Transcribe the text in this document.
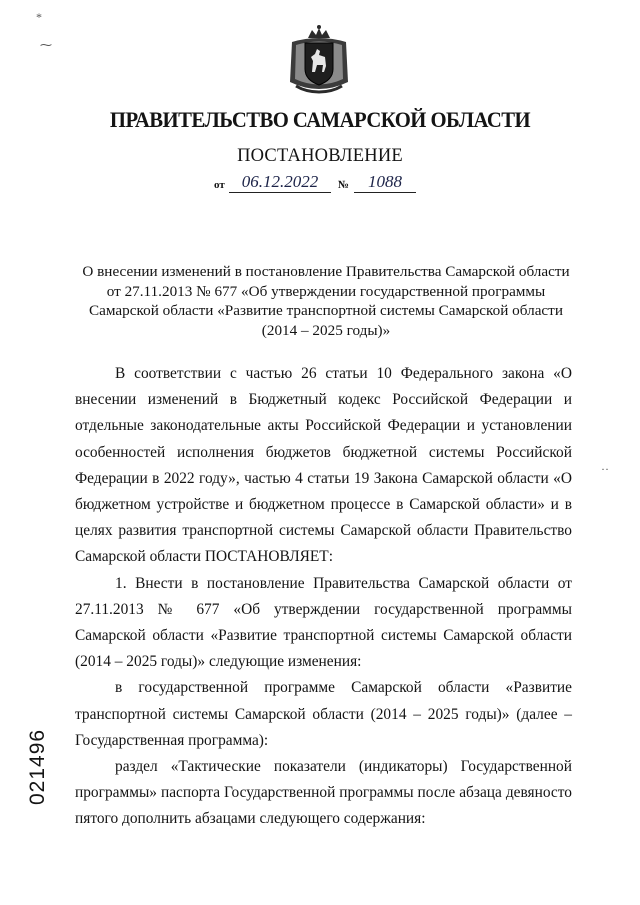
ПРАВИТЕЛЬСТВО САМАРСКОЙ ОБЛАСТИ
ПОСТАНОВЛЕНИЕ
от 06.12.2022	№	1088
О внесении изменений в постановление Правительства Самарской области от 27.11.2013 № 677 «Об утверждении государственной программы Самарской области «Развитие транспортной системы Самарской области (2014 – 2025 годы)»

В соответствии с частью 26 статьи 10 Федерального закона «О внесении изменений в Бюджетный кодекс Российской Федерации и отдельные законодательные акты Российской Федерации и установлении особенностей исполнения бюджетов бюджетной системы Российской Федерации в 2022 году», частью 4 статьи 19 Закона Самарской области «О бюджетном устройстве и бюджетном процессе в Самарской области» и в целях развития транспортной системы Самарской области Правительство Самарской области ПОСТАНОВЛЯЕТ:

1. Внести в постановление Правительства Самарской области от 27.11.2013 № 677 «Об утверждении государственной программы Самарской области «Развитие транспортной системы Самарской области (2014 – 2025 годы)» следующие изменения:

в государственной программе Самарской области «Развитие транспортной системы Самарской области (2014 – 2025 годы)» (далее – Государственная программа):

раздел «Тактические показатели (индикаторы) Государственной программы» паспорта Государственной программы после абзаца девяносто пятого дополнить абзацами следующего содержания:

021496
*
⁓
··
